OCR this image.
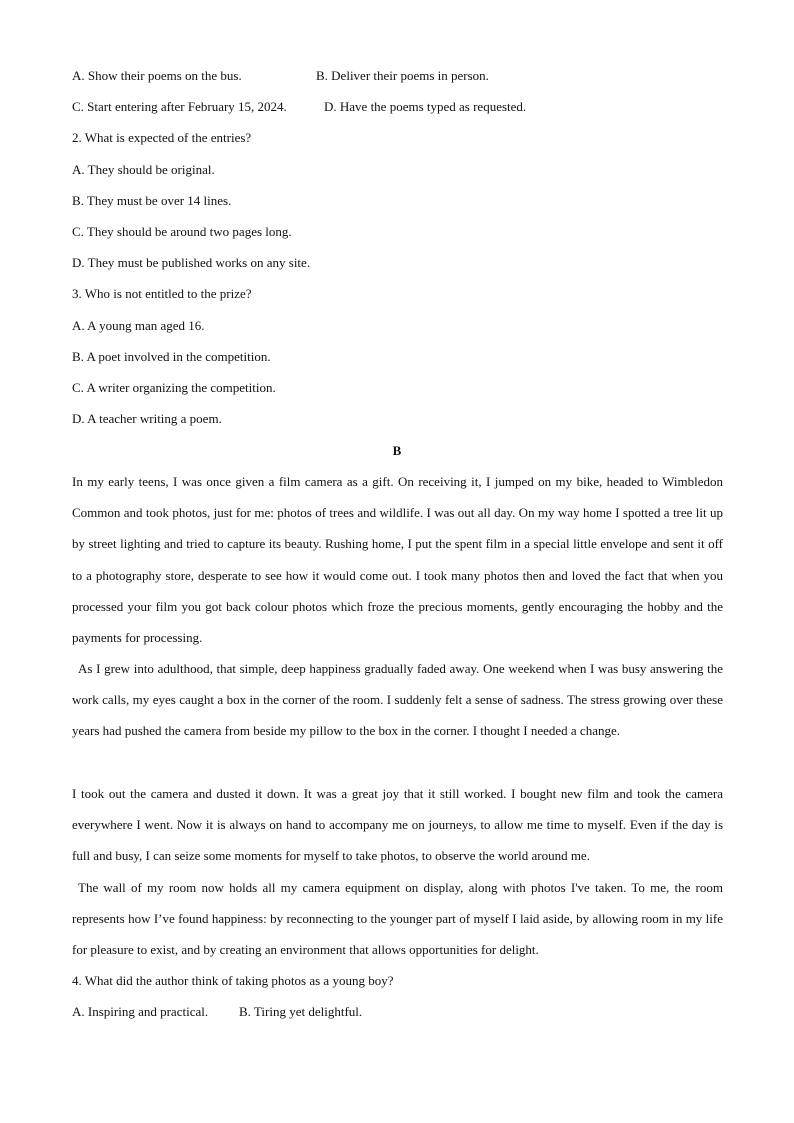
A. Show their poems on the bus.	B. Deliver their poems in person.
C. Start entering after February 15, 2024.	D. Have the poems typed as requested.
2. What is expected of the entries?
A. They should be original.
B. They must be over 14 lines.
C. They should be around two pages long.
D. They must be published works on any site.
3. Who is not entitled to the prize?
A. A young man aged 16.
B. A poet involved in the competition.
C. A writer organizing the competition.
D. A teacher writing a poem.
B

In my early teens, I was once given a film camera as a gift. On receiving it, I jumped on my bike, headed to Wimbledon Common and took photos, just for me: photos of trees and wildlife. I was out all day. On my way home I spotted a tree lit up by street lighting and tried to capture its beauty. Rushing home, I put the spent film in a special little envelope and sent it off to a photography store, desperate to see how it would come out. I took many photos then and loved the fact that when you processed your film you got back colour photos which froze the precious moments, gently encouraging the hobby and the payments for processing.

As I grew into adulthood, that simple, deep happiness gradually faded away. One weekend when I was busy answering the work calls, my eyes caught a box in the corner of the room. I suddenly felt a sense of sadness. The stress growing over these years had pushed the camera from beside my pillow to the box in the corner. I thought I needed a change.

I took out the camera and dusted it down. It was a great joy that it still worked. I bought new film and took the camera everywhere I went. Now it is always on hand to accompany me on journeys, to allow me time to myself. Even if the day is full and busy, I can seize some moments for myself to take photos, to observe the world around me.

The wall of my room now holds all my camera equipment on display, along with photos I've taken. To me, the room represents how I’ve found happiness: by reconnecting to the younger part of myself I laid aside, by allowing room in my life for pleasure to exist, and by creating an environment that allows opportunities for delight.

4. What did the author think of taking photos as a young boy?
A. Inspiring and practical. B. Tiring yet delightful.
